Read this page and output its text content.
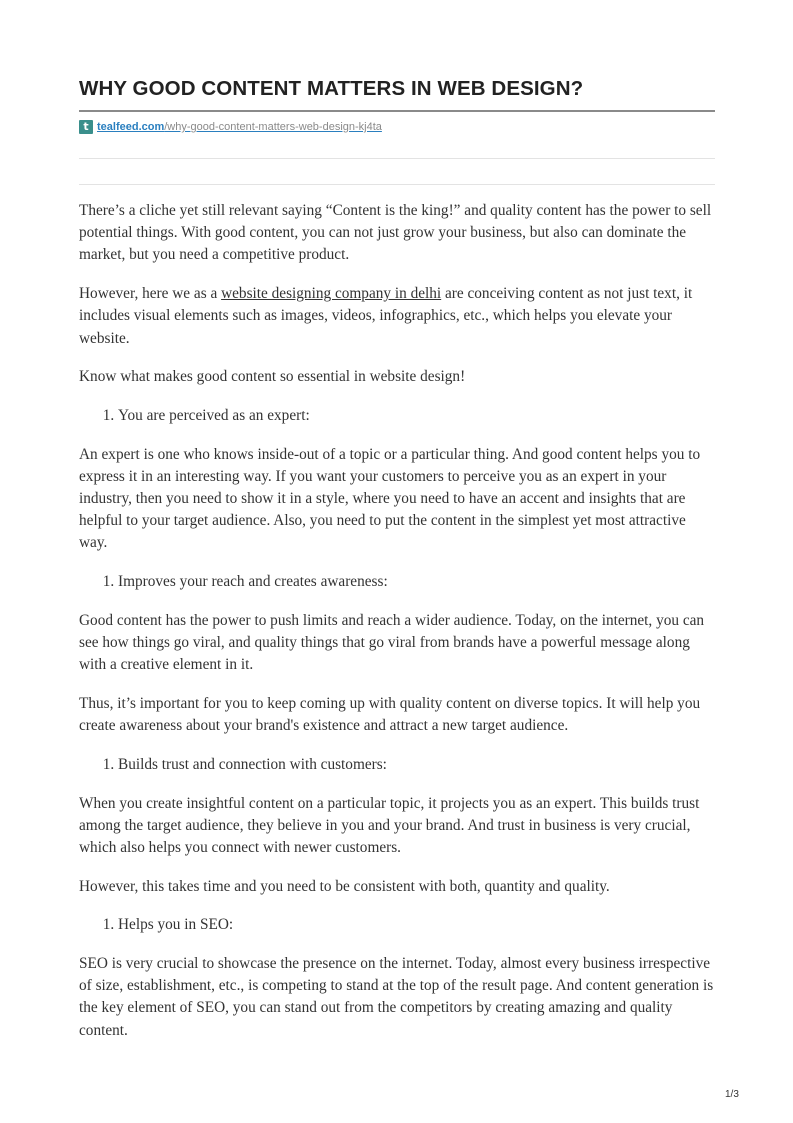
WHY GOOD CONTENT MATTERS IN WEB DESIGN?
t tealfeed.com/why-good-content-matters-web-design-kj4ta

There’s a cliche yet still relevant saying “Content is the king!” and quality content has the power to sell potential things. With good content, you can not just grow your business, but also can dominate the market, but you need a competitive product.

However, here we as a website designing company in delhi are conceiving content as not just text, it includes visual elements such as images, videos, infographics, etc., which helps you elevate your website.

Know what makes good content so essential in website design!

1. You are perceived as an expert:

An expert is one who knows inside-out of a topic or a particular thing. And good content helps you to express it in an interesting way. If you want your customers to perceive you as an expert in your industry, then you need to show it in a style, where you need to have an accent and insights that are helpful to your target audience. Also, you need to put the content in the simplest yet most attractive way.

1. Improves your reach and creates awareness:

Good content has the power to push limits and reach a wider audience. Today, on the internet, you can see how things go viral, and quality things that go viral from brands have a powerful message along with a creative element in it.

Thus, it’s important for you to keep coming up with quality content on diverse topics. It will help you create awareness about your brand's existence and attract a new target audience.

1. Builds trust and connection with customers:

When you create insightful content on a particular topic, it projects you as an expert. This builds trust among the target audience, they believe in you and your brand. And trust in business is very crucial, which also helps you connect with newer customers.

However, this takes time and you need to be consistent with both, quantity and quality.

1. Helps you in SEO:

SEO is very crucial to showcase the presence on the internet. Today, almost every business irrespective of size, establishment, etc., is competing to stand at the top of the result page. And content generation is the key element of SEO, you can stand out from the competitors by creating amazing and quality content.

1/3
